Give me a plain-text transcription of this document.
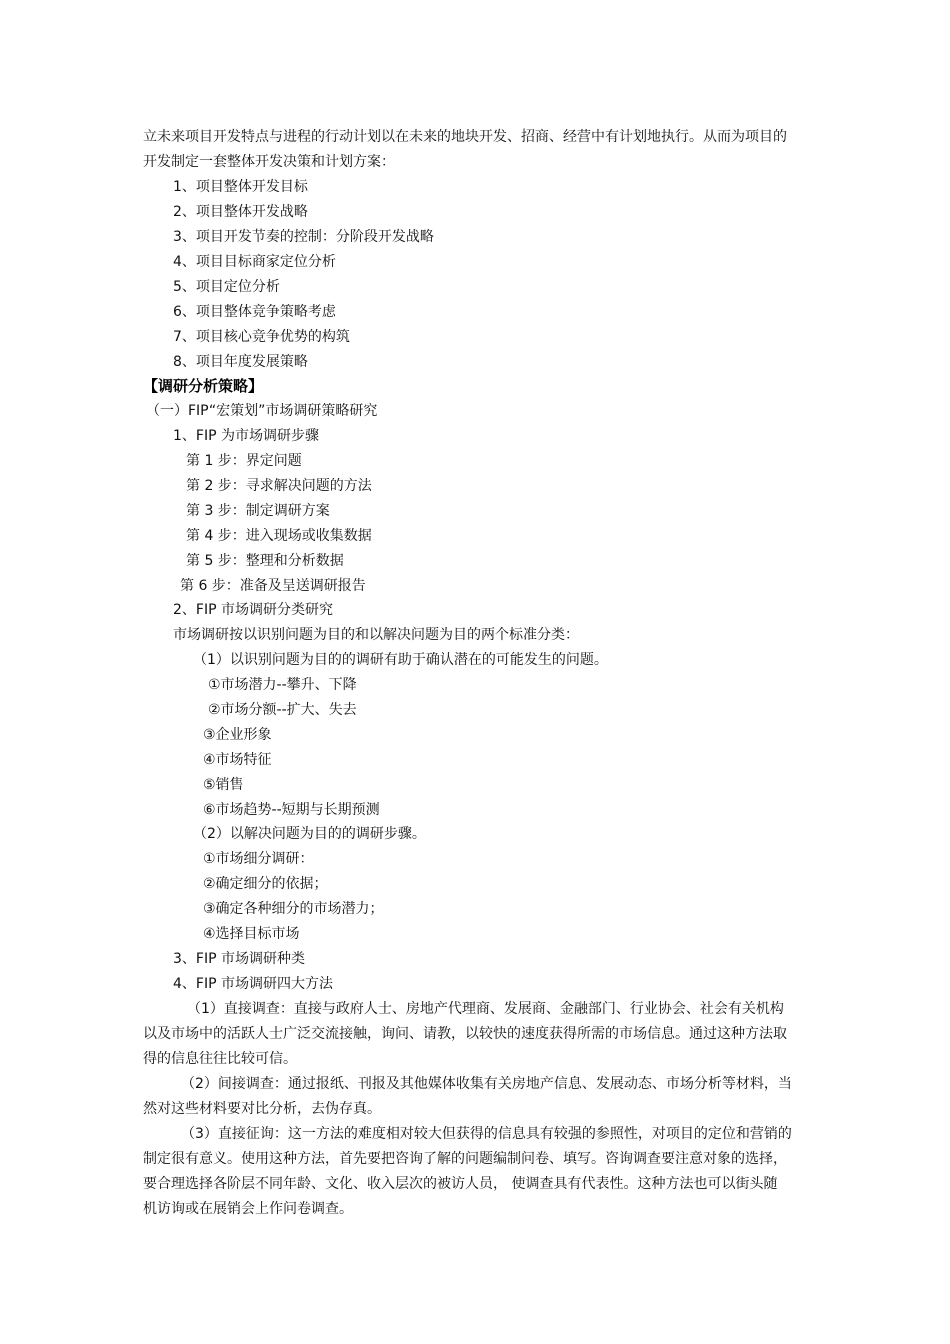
立未来项目开发特点与进程的行动计划以在未来的地块开发、招商、经营中有计划地执行。从而为项目的
开发制定一套整体开发决策和计划方案：
1、项目整体开发目标
2、项目整体开发战略
3、项目开发节奏的控制：分阶段开发战略
4、项目目标商家定位分析
5、项目定位分析
6、项目整体竞争策略考虑
7、项目核心竞争优势的构筑
8、项目年度发展策略
【调研分析策略】
（一）FIP“宏策划”市场调研策略研究
1、FIP 为市场调研步骤
第 1 步：界定问题
第 2 步：寻求解决问题的方法
第 3 步：制定调研方案
第 4 步：进入现场或收集数据
第 5 步：整理和分析数据
第 6 步：准备及呈送调研报告
2、FIP 市场调研分类研究
市场调研按以识别问题为目的和以解决问题为目的两个标准分类：
（1）以识别问题为目的的调研有助于确认潜在的可能发生的问题。
①市场潜力--攀升、下降
②市场分额--扩大、失去
③企业形象
④市场特征
⑤销售
⑥市场趋势--短期与长期预测
（2）以解决问题为目的的调研步骤。
①市场细分调研：
②确定细分的依据；
③确定各种细分的市场潜力；
④选择目标市场
3、FIP 市场调研种类
4、FIP 市场调研四大方法
（1）直接调查：直接与政府人士、房地产代理商、发展商、金融部门、行业协会、社会有关机构
以及市场中的活跃人士广泛交流接触，询问、请教，以较快的速度获得所需的市场信息。通过这种方法取
得的信息往往比较可信。
（2）间接调查：通过报纸、刊报及其他媒体收集有关房地产信息、发展动态、市场分析等材料，当
然对这些材料要对比分析，去伪存真。
（3）直接征询：这一方法的难度相对较大但获得的信息具有较强的参照性，对项目的定位和营销的
制定很有意义。使用这种方法，首先要把咨询了解的问题编制问卷、填写。咨询调查要注意对象的选择，
要合理选择各阶层不同年龄、文化、收入层次的被访人员， 使调查具有代表性。这种方法也可以街头随
机访询或在展销会上作问卷调查。
